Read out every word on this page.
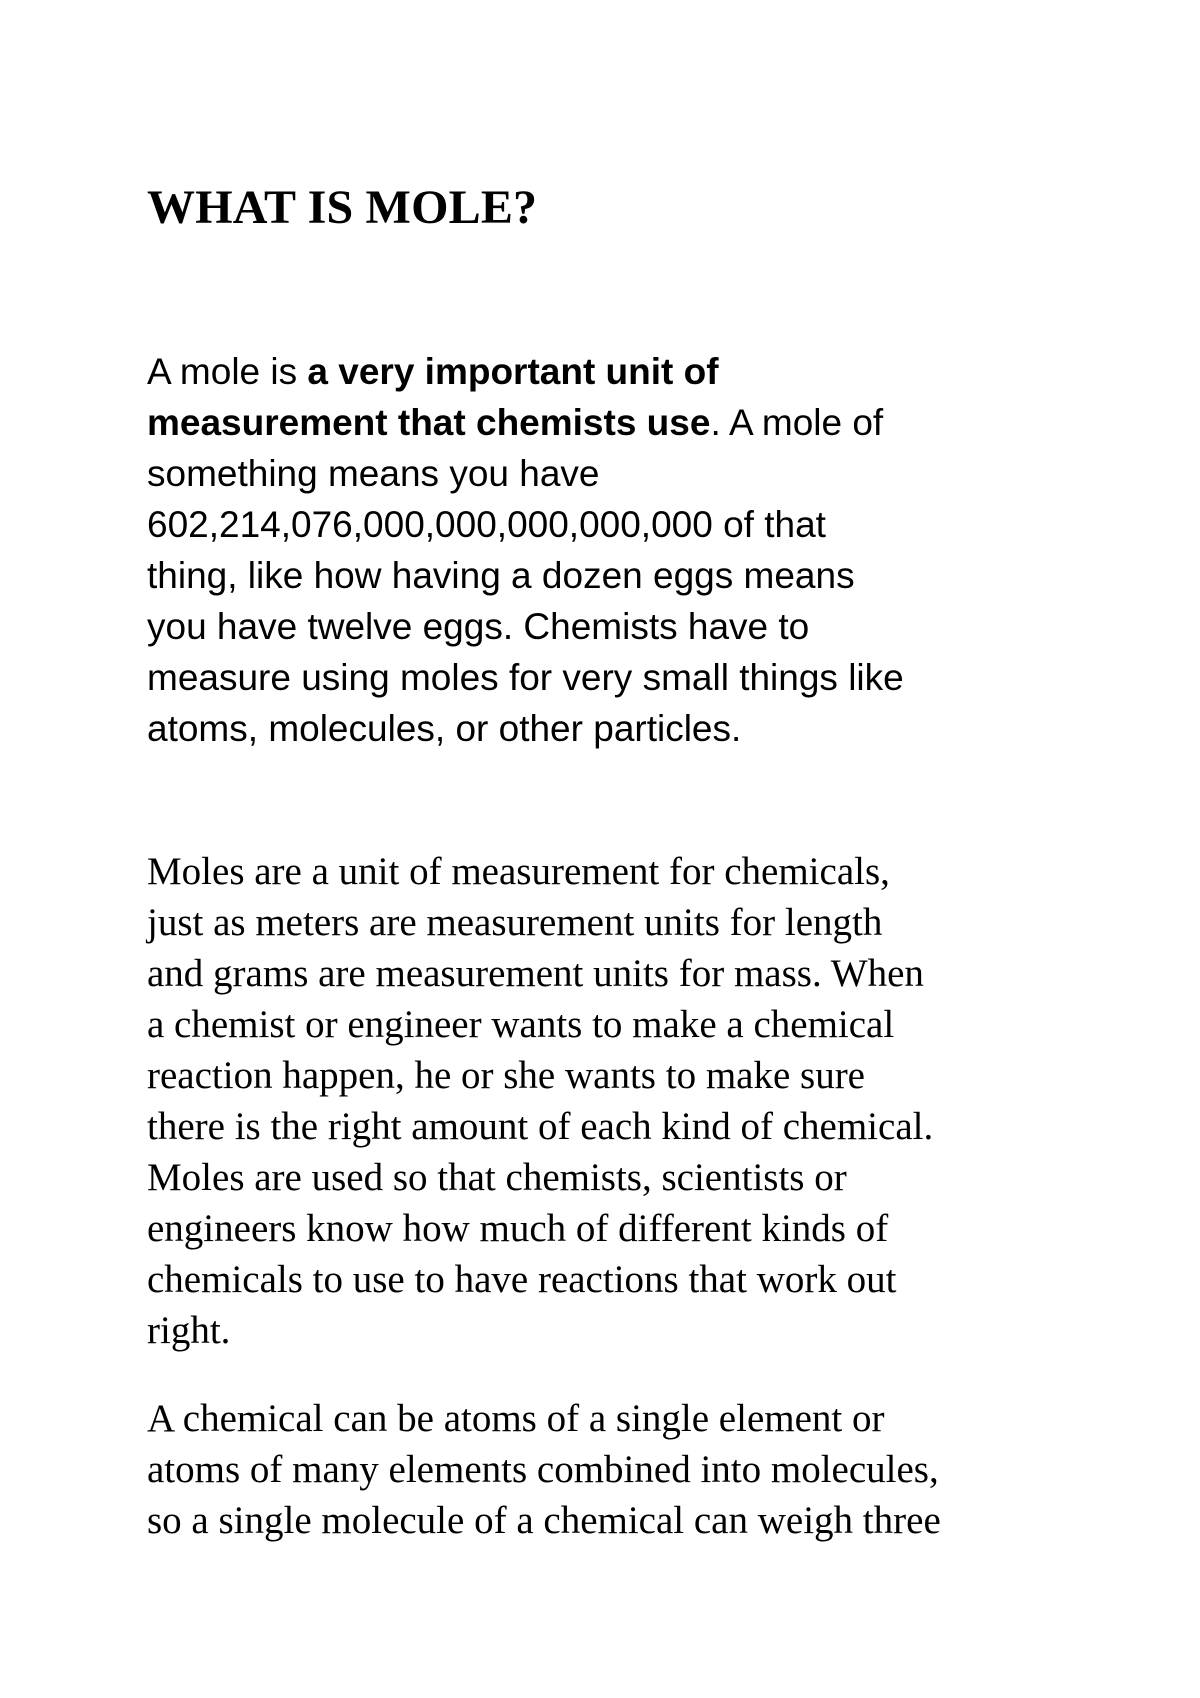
WHAT IS MOLE?

A mole is a very important unit of
measurement that chemists use. A mole of
something means you have
602,214,076,000,000,000,000,000 of that
thing, like how having a dozen eggs means
you have twelve eggs. Chemists have to
measure using moles for very small things like
atoms, molecules, or other particles.

Moles are a unit of measurement for chemicals,
just as meters are measurement units for length
and grams are measurement units for mass. When
a chemist or engineer wants to make a chemical
reaction happen, he or she wants to make sure
there is the right amount of each kind of chemical.
Moles are used so that chemists, scientists or
engineers know how much of different kinds of
chemicals to use to have reactions that work out
right.

A chemical can be atoms of a single element or
atoms of many elements combined into molecules,
so a single molecule of a chemical can weigh three
